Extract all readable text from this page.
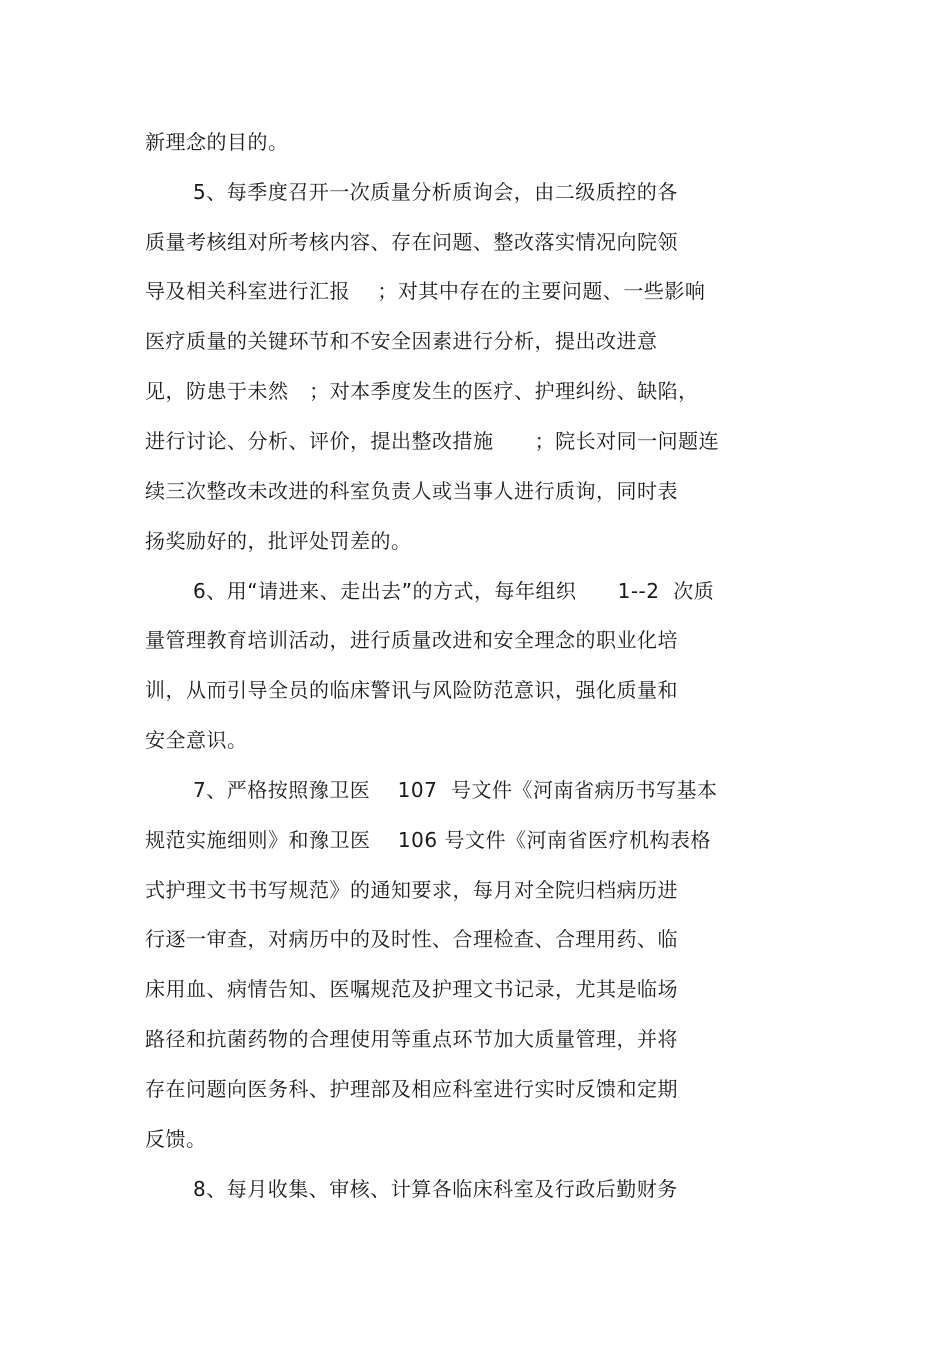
新理念的目的。
5、每季度召开一次质量分析质询会，由二级质控的各
质量考核组对所考核内容、存在问题、整改落实情况向院领
导及相关科室进行汇报    ；对其中存在的主要问题、一些影响
医疗质量的关键环节和不安全因素进行分析，提出改进意
见，防患于未然   ；对本季度发生的医疗、护理纠纷、缺陷，
进行讨论、分析、评价，提出整改措施      ；院长对同一问题连
续三次整改未改进的科室负责人或当事人进行质询，同时表
扬奖励好的，批评处罚差的。
6、用“请进来、走出去”的方式，每年组织      1--2  次质
量管理教育培训活动，进行质量改进和安全理念的职业化培
训，从而引导全员的临床警讯与风险防范意识，强化质量和
安全意识。
7、严格按照豫卫医    107  号文件《河南省病历书写基本
规范实施细则》和豫卫医    106 号文件《河南省医疗机构表格
式护理文书书写规范》的通知要求，每月对全院归档病历进
行逐一审查，对病历中的及时性、合理检查、合理用药、临
床用血、病情告知、医嘱规范及护理文书记录，尤其是临场
路径和抗菌药物的合理使用等重点环节加大质量管理，并将
存在问题向医务科、护理部及相应科室进行实时反馈和定期
反馈。
8、每月收集、审核、计算各临床科室及行政后勤财务
